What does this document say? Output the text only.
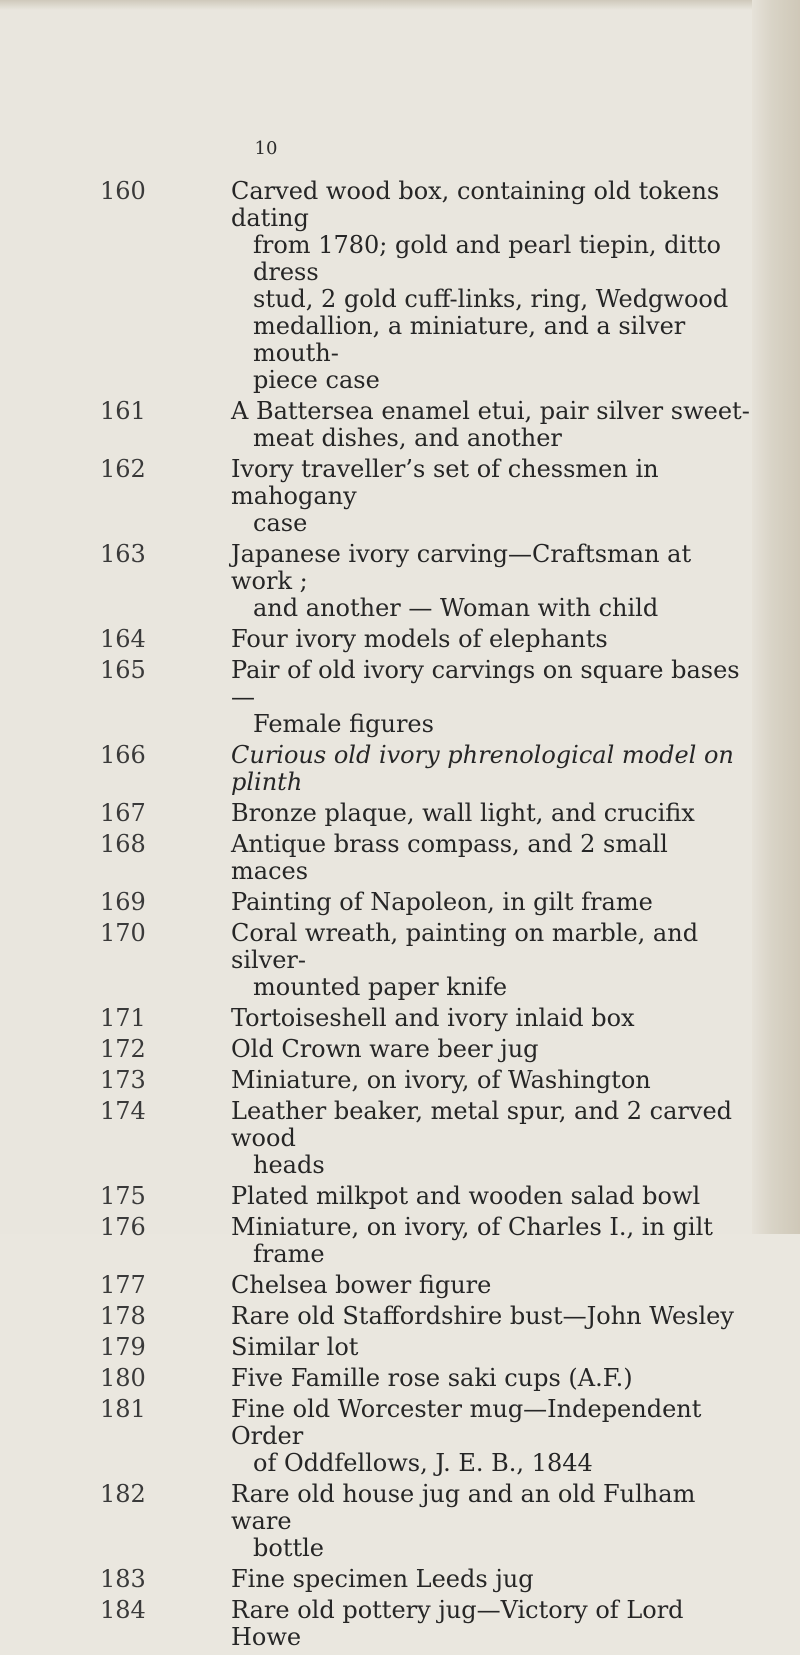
10
160	Carved wood box, containing old tokens dating
from 1780; gold and pearl tiepin, ditto dress
stud, 2 gold cuff-links, ring, Wedgwood
medallion, a miniature, and a silver mouth-
piece case
161	A Battersea enamel etui, pair silver sweet-
meat dishes, and another
162	Ivory traveller’s set of chessmen in mahogany
case
163	Japanese ivory carving—Craftsman at work ;
and another — Woman with child
164	Four ivory models of elephants
165	Pair of old ivory carvings on square bases—
Female figures
166	Curious old ivory phrenological model on plinth
167	Bronze plaque, wall light, and crucifix
168	Antique brass compass, and 2 small maces
169	Painting of Napoleon, in gilt frame
170	Coral wreath, painting on marble, and silver-
mounted paper knife
171	Tortoiseshell and ivory inlaid box
172	Old Crown ware beer jug
173	Miniature, on ivory, of Washington
174	Leather beaker, metal spur, and 2 carved wood
heads
175	Plated milkpot and wooden salad bowl
176	Miniature, on ivory, of Charles I., in gilt
frame
177	Chelsea bower figure
178	Rare old Staffordshire bust—John Wesley
179	Similar lot
180	Five Famille rose saki cups (A.F.)
181	Fine old Worcester mug—Independent Order
of Oddfellows, J. E. B., 1844
182	Rare old house jug and an old Fulham ware
bottle
183	Fine specimen Leeds jug
184	Rare old pottery jug—Victory of Lord Howe
